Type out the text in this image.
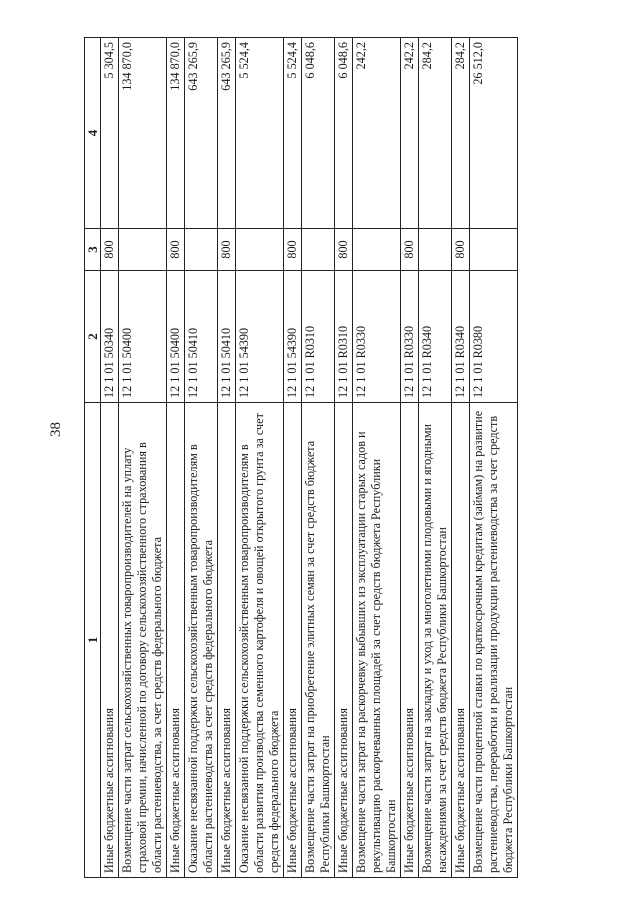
38
1	2	3	4
Иные бюджетные ассигнования	12 1 01 50340	800	5 304,5
Возмещение части затрат сельскохозяйственных товаропроизводителей на уплату страховой премии, начисленной по договору сельскохозяйственного страхования в области растениеводства, за счет средств федерального бюджета	12 1 01 50400		134 870,0
Иные бюджетные ассигнования	12 1 01 50400	800	134 870,0
Оказание несвязанной поддержки сельскохозяйственным товаропроизводителям в области растениеводства за счет средств федерального бюджета	12 1 01 50410		643 265,9
Иные бюджетные ассигнования	12 1 01 50410	800	643 265,9
Оказание несвязанной поддержки сельскохозяйственным товаропроизводителям в области развития производства семенного картофеля и овощей открытого грунта за счет средств федерального бюджета	12 1 01 54390		5 524,4
Иные бюджетные ассигнования	12 1 01 54390	800	5 524,4
Возмещение части затрат на приобретение элитных семян за счет средств бюджета Республики Башкортостан	12 1 01 R0310		6 048,6
Иные бюджетные ассигнования	12 1 01 R0310	800	6 048,6
Возмещение части затрат на раскорчевку выбывших из эксплуатации старых садов и рекультивацию раскорчеванных площадей за счет средств бюджета Республики Башкортостан	12 1 01 R0330		242,2
Иные бюджетные ассигнования	12 1 01 R0330	800	242,2
Возмещение части затрат на закладку и уход за многолетними плодовыми и ягодными насаждениями за счет средств бюджета Республики Башкортостан	12 1 01 R0340		284,2
Иные бюджетные ассигнования	12 1 01 R0340	800	284,2
Возмещение части процентной ставки по краткосрочным кредитам (займам) на развитие растениеводства, переработки и реализации продукции растениеводства за счет средств бюджета Республики Башкортостан	12 1 01 R0380		26 512,0
